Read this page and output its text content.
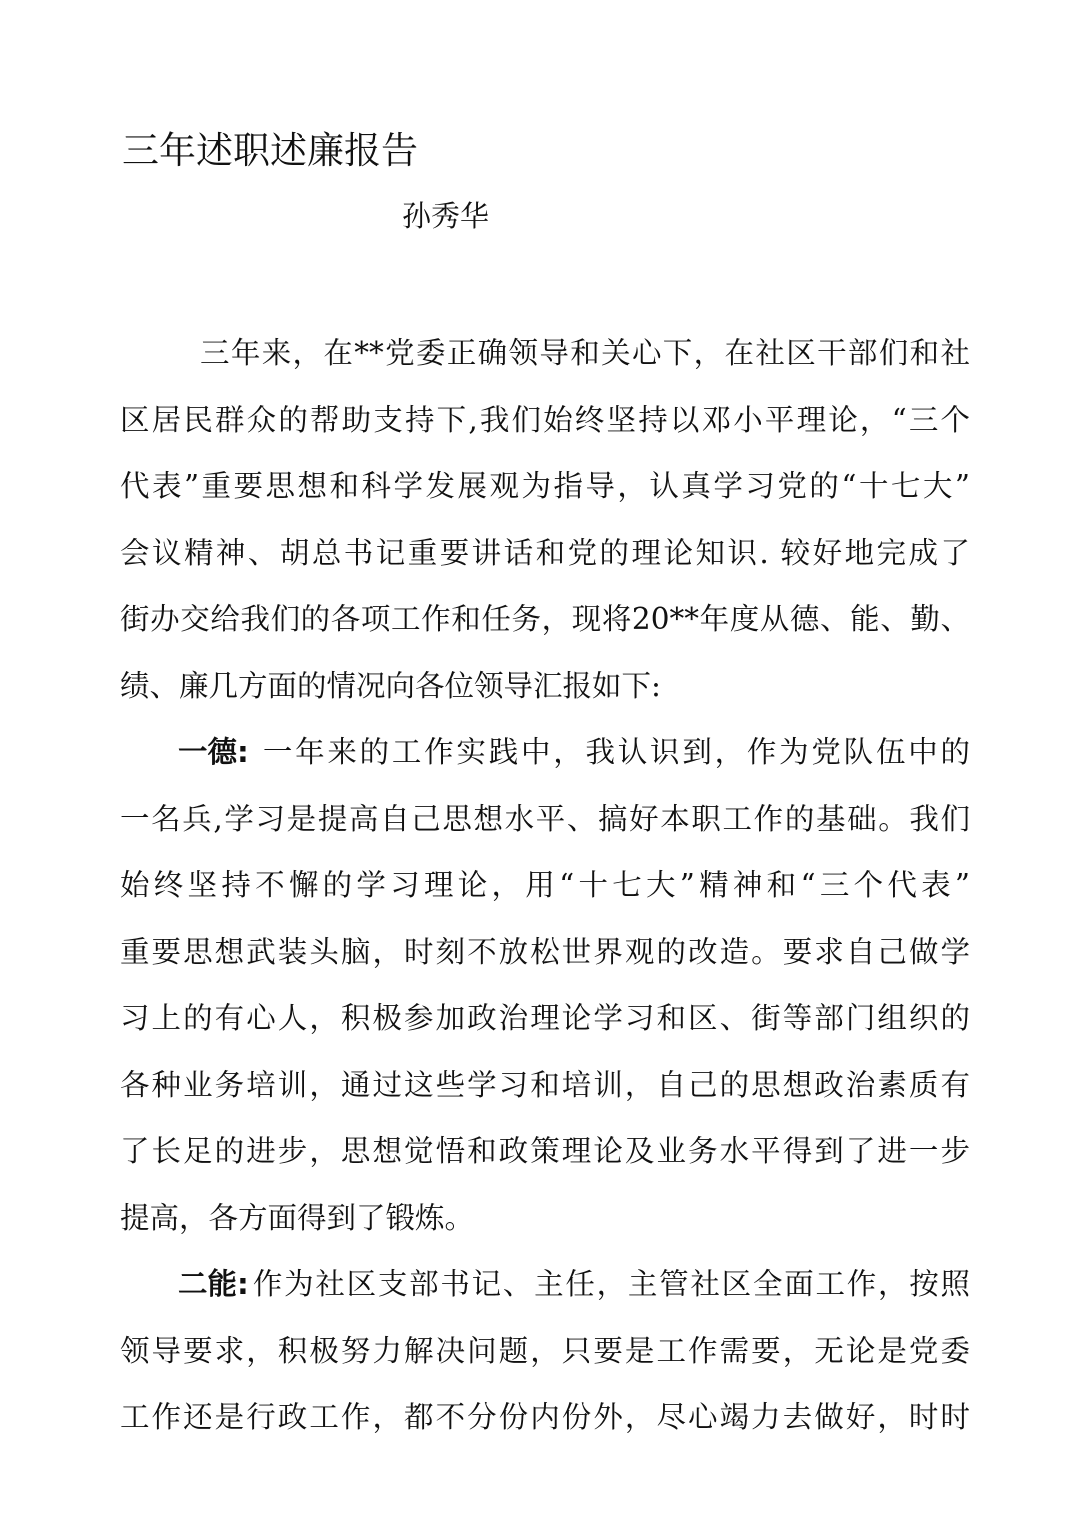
三年述职述廉报告
孙秀华
三年来，在**党委正确领导和关心下，在社区干部们和社
区居民群众的帮助支持下,我们始终坚持以邓小平理论，“三个
代表”重要思想和科学发展观为指导，认真学习党的“十七大”
会议精神、胡总书记重要讲话和党的理论知识. 较好地完成了
街办交给我们的各项工作和任务，现将20**年度从德、能、勤、
绩、廉几方面的情况向各位领导汇报如下:
一德: 一年来的工作实践中，我认识到，作为党队伍中的
一名兵,学习是提高自己思想水平、搞好本职工作的基础。我们
始终坚持不懈的学习理论，用“十七大”精神和“三个代表”
重要思想武装头脑，时刻不放松世界观的改造。要求自己做学
习上的有心人，积极参加政治理论学习和区、街等部门组织的
各种业务培训，通过这些学习和培训，自己的思想政治素质有
了长足的进步，思想觉悟和政策理论及业务水平得到了进一步
提高，各方面得到了锻炼。
二能: 作为社区支部书记、主任，主管社区全面工作，按照
领导要求，积极努力解决问题，只要是工作需要，无论是党委
工作还是行政工作，都不分份内份外，尽心竭力去做好，时时
